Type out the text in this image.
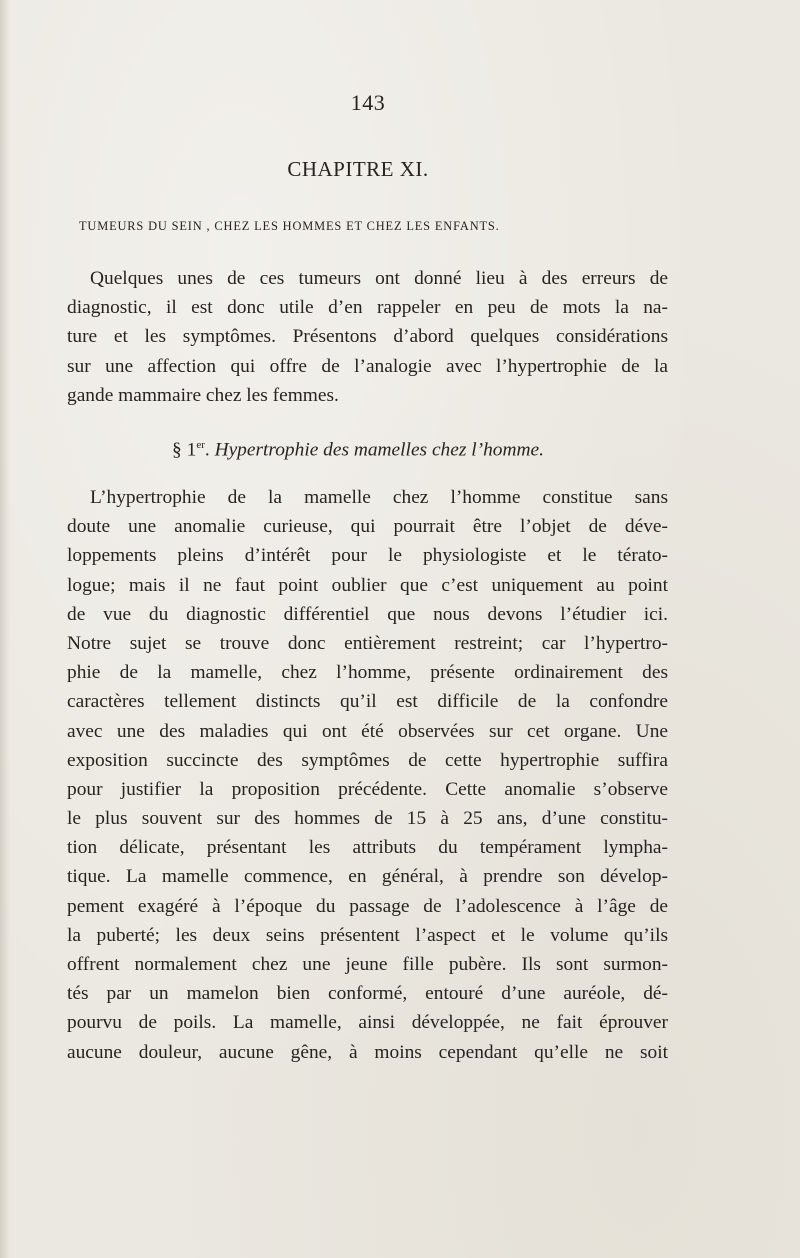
143
CHAPITRE XI.
TUMEURS DU SEIN , CHEZ LES HOMMES ET CHEZ LES ENFANTS.
Quelques unes de ces tumeurs ont donné lieu à des erreurs de
diagnostic, il est donc utile d’en rappeler en peu de mots la na-
ture et les symptômes. Présentons d’abord quelques considérations
sur une affection qui offre de l’analogie avec l’hypertrophie de la
gande mammaire chez les femmes.
§ 1er. Hypertrophie des mamelles chez l’homme.
L’hypertrophie de la mamelle chez l’homme constitue sans
doute une anomalie curieuse, qui pourrait être l’objet de déve-
loppements pleins d’intérêt pour le physiologiste et le térato-
logue; mais il ne faut point oublier que c’est uniquement au point
de vue du diagnostic différentiel que nous devons l’étudier ici.
Notre sujet se trouve donc entièrement restreint; car l’hypertro-
phie de la mamelle, chez l’homme, présente ordinairement des
caractères tellement distincts qu’il est difficile de la confondre
avec une des maladies qui ont été observées sur cet organe. Une
exposition succincte des symptômes de cette hypertrophie suffira
pour justifier la proposition précédente. Cette anomalie s’observe
le plus souvent sur des hommes de 15 à 25 ans, d’une constitu-
tion délicate, présentant les attributs du tempérament lympha-
tique. La mamelle commence, en général, à prendre son dévelop-
pement exagéré à l’époque du passage de l’adolescence à l’âge de
la puberté; les deux seins présentent l’aspect et le volume qu’ils
offrent normalement chez une jeune fille pubère. Ils sont surmon-
tés par un mamelon bien conformé, entouré d’une auréole, dé-
pourvu de poils. La mamelle, ainsi développée, ne fait éprouver
aucune douleur, aucune gêne, à moins cependant qu’elle ne soit
